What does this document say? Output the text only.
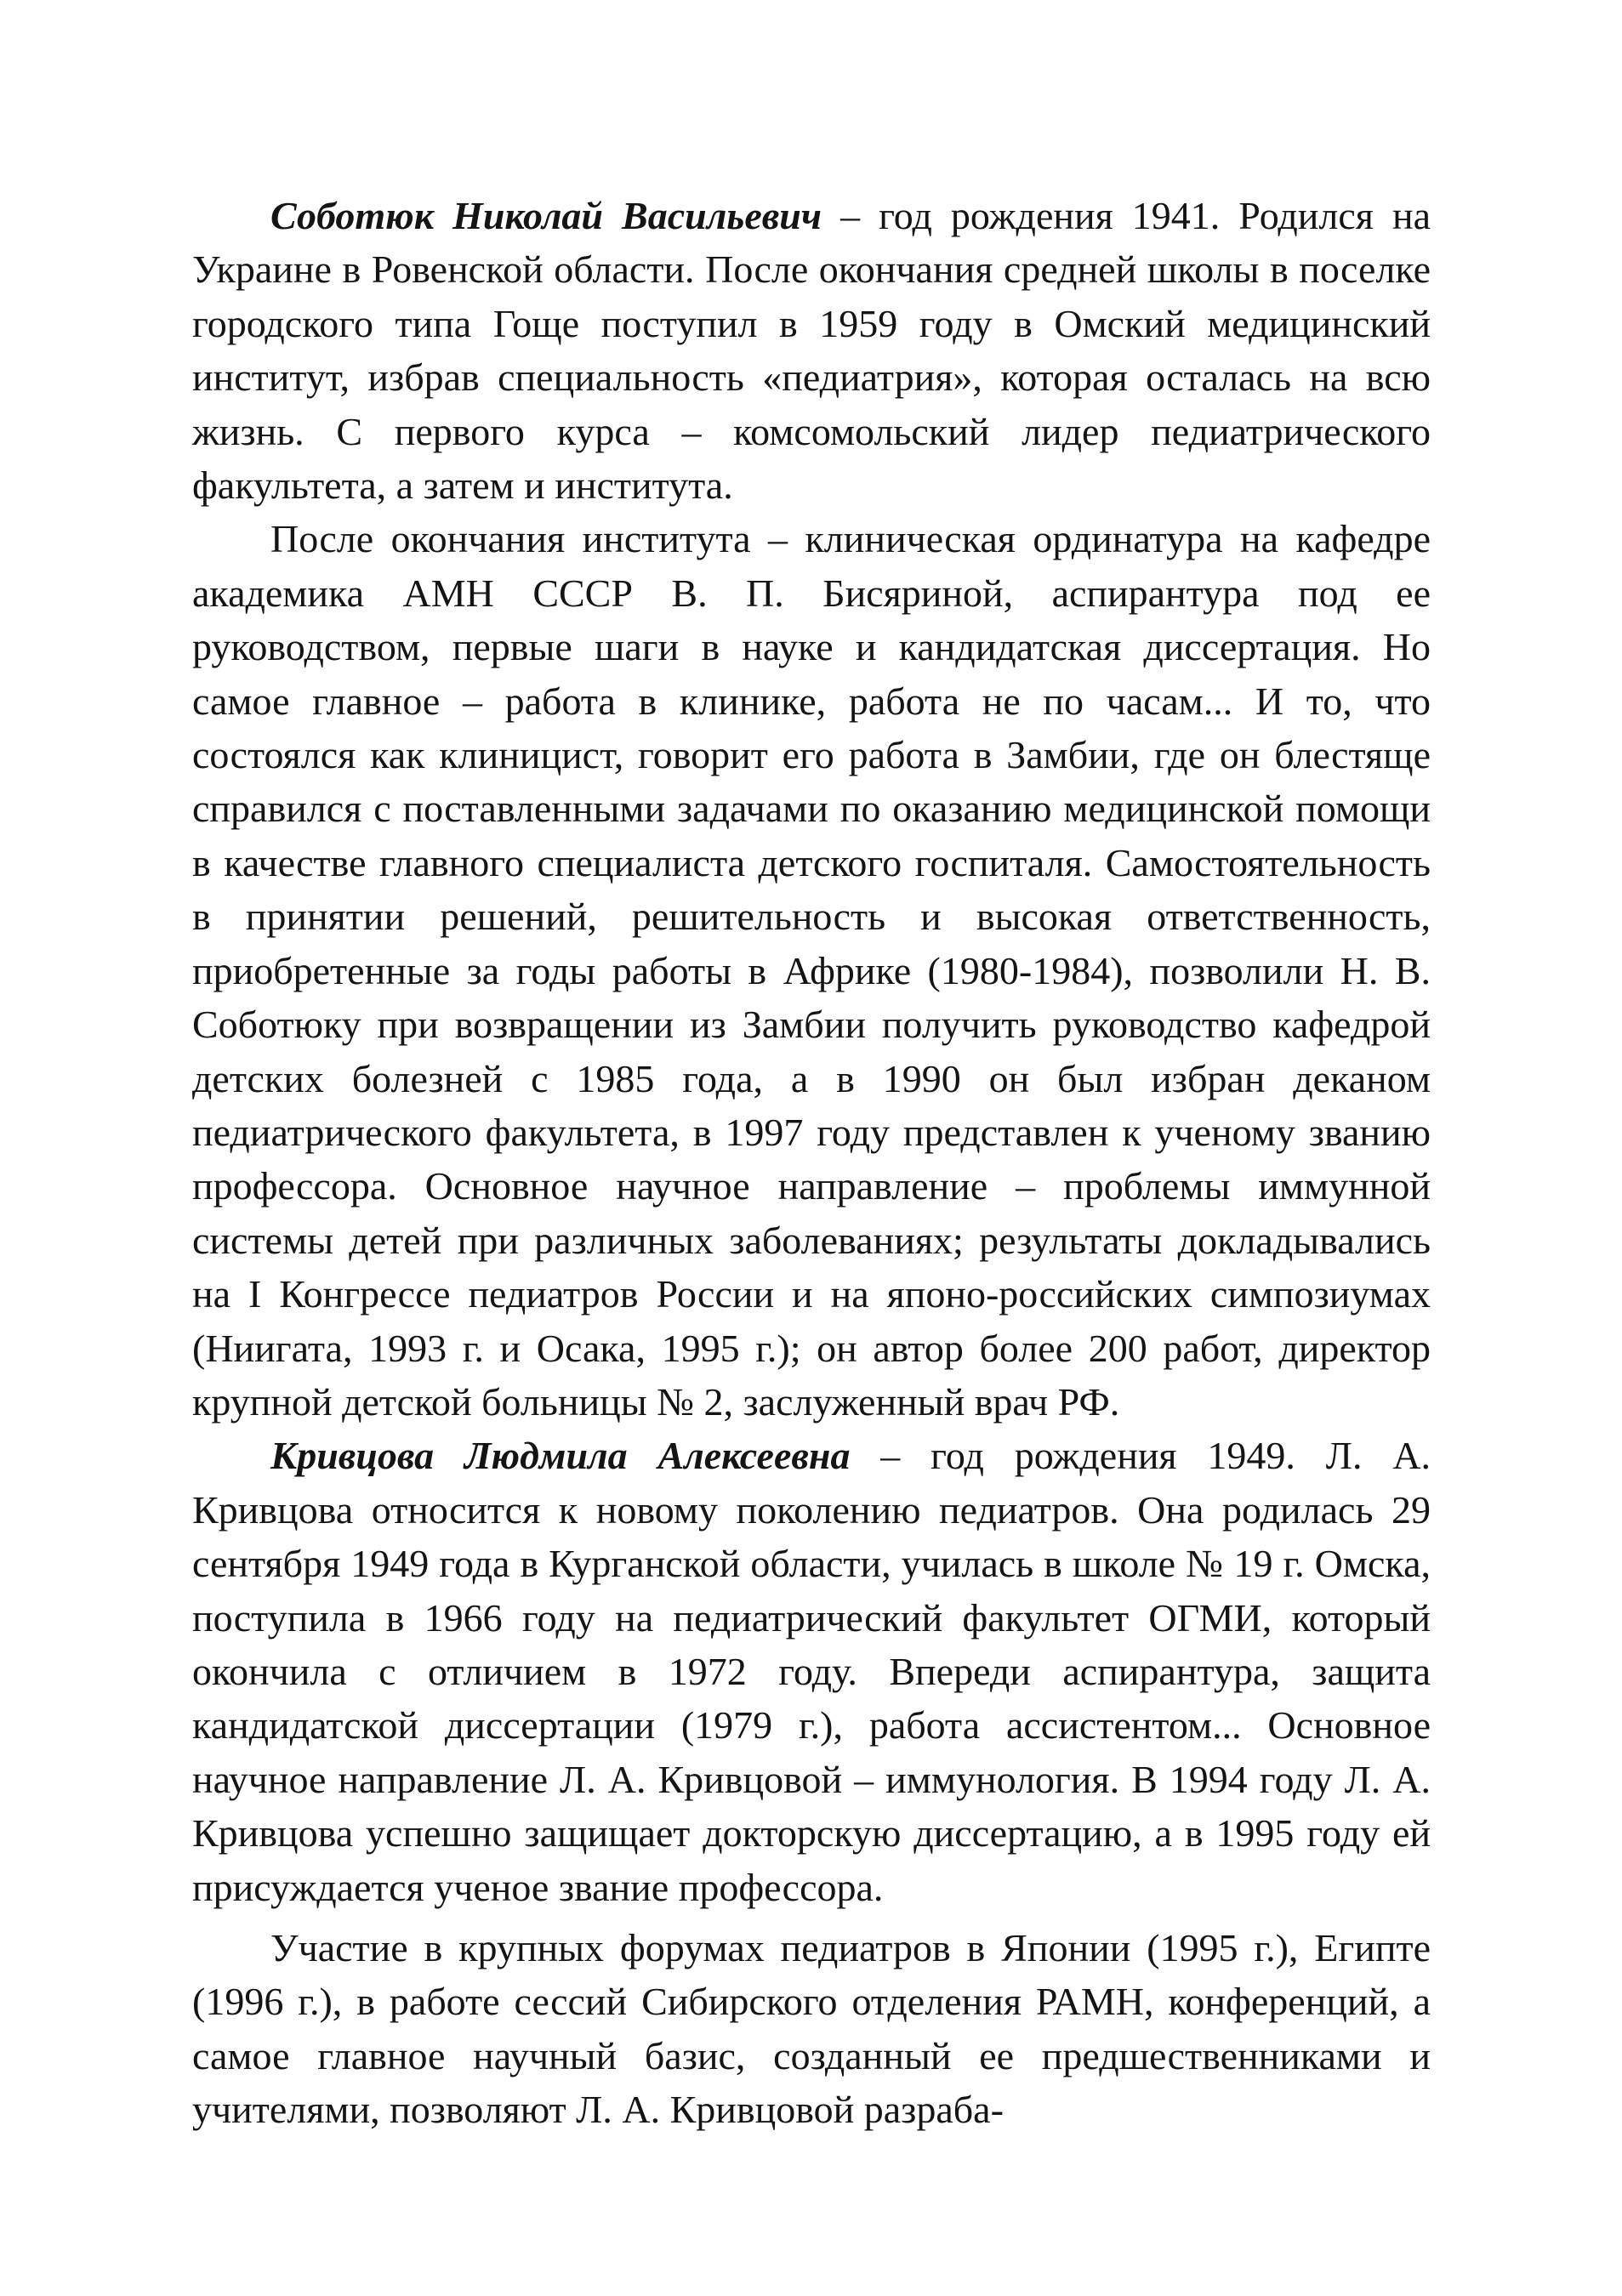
Соботюк Николай Васильевич – год рождения 1941. Родился на Украине в Ровенской области. После окончания средней школы в поселке городского типа Гоще поступил в 1959 году в Омский медицинский институт, избрав специальность «педиатрия», которая осталась на всю жизнь. С первого курса – комсомольский лидер педиатрического факультета, а затем и института.

После окончания института – клиническая ординатура на кафедре академика АМН СССР В. П. Бисяриной, аспирантура под ее руководством, первые шаги в науке и кандидатская диссертация. Но самое главное – работа в клинике, работа не по часам... И то, что состоялся как клиницист, говорит его работа в Замбии, где он блестяще справился с поставленными задачами по оказанию медицинской помощи в качестве главного специалиста детского госпиталя. Самостоятельность в принятии решений, решительность и высокая ответственность, приобретенные за годы работы в Африке (1980-1984), позволили Н. В. Соботюку при возвращении из Замбии получить руководство кафедрой детских болезней с 1985 года, а в 1990 он был избран деканом педиатрического факультета, в 1997 году представлен к ученому званию профессора. Основное научное направление – проблемы иммунной системы детей при различных заболеваниях; результаты докладывались на I Конгрессе педиатров России и на японо-российских симпозиумах (Ниигата, 1993 г. и Осака, 1995 г.); он автор более 200 работ, директор крупной детской больницы № 2, заслуженный врач РФ.

Кривцова Людмила Алексеевна – год рождения 1949. Л. А. Кривцова относится к новому поколению педиатров. Она родилась 29 сентября 1949 года в Курганской области, училась в школе № 19 г. Омска, поступила в 1966 году на педиатрический факультет ОГМИ, который окончила с отличием в 1972 году. Впереди аспирантура, защита кандидатской диссертации (1979 г.), работа ассистентом... Основное научное направление Л. А. Кривцовой – иммунология. В 1994 году Л. А. Кривцова успешно защищает докторскую диссертацию, а в 1995 году ей присуждается ученое звание профессора.

Участие в крупных форумах педиатров в Японии (1995 г.), Египте (1996 г.), в работе сессий Сибирского отделения РАМН, конференций, а самое главное научный базис, созданный ее предшественниками и учителями, позволяют Л. А. Кривцовой разраба-
